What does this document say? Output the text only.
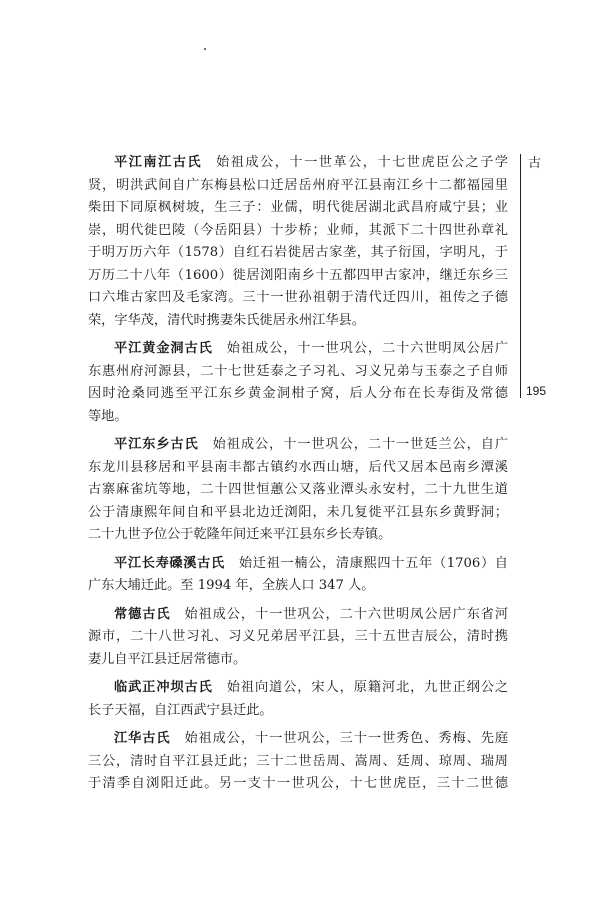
平江南江古氏 始祖成公，十一世革公，十七世虎臣公之子学
贤，明洪武间自广东梅县松口迁居岳州府平江县南江乡十二都福园里
柴田下同原枫树坡，生三子：业儒，明代徙居湖北武昌府咸宁县；业
崇，明代徙巴陵（今岳阳县）十步桥；业师，其派下二十四世孙章礼
于明万历六年（1578）自红石岩徙居古家垄，其子衍国，字明凡，于
万历二十八年（1600）徙居浏阳南乡十五都四甲古家冲，继迁东乡三
口六堆古家凹及毛家湾。三十一世孙祖朝于清代迁四川，祖传之子德
荣，字华茂，清代时携妻朱氏徙居永州江华县。
平江黄金洞古氏 始祖成公，十一世巩公，二十六世明凤公居广
东惠州府河源县，二十七世廷泰之子习礼、习义兄弟与玉泰之子自师
因时沧桑同逃至平江东乡黄金洞柑子窝，后人分布在长寿街及常德
等地。
平江东乡古氏 始祖成公，十一世巩公，二十一世廷兰公，自广
东龙川县移居和平县南丰都古镇约水西山塘，后代又居本邑南乡潭溪
古寨麻雀坑等地，二十四世恒蕙公又落业潭头永安村，二十九世生道
公于清康熙年间自和平县北边迁浏阳，未几复徙平江县东乡黄野洞；
二十九世予位公于乾隆年间迁来平江县东乡长寿镇。
平江长寿磉溪古氏 始迁祖一楠公，清康熙四十五年（1706）自
广东大埔迁此。至 1994 年，全族人口 347 人。
常德古氏 始祖成公，十一世巩公，二十六世明凤公居广东省河
源市，二十八世习礼、习义兄弟居平江县，三十五世吉辰公，清时携
妻儿自平江县迁居常德市。
临武正冲坝古氏 始祖向道公，宋人，原籍河北，九世正纲公之
长子天福，自江西武宁县迁此。
江华古氏 始祖成公，十一世巩公，三十一世秀色、秀梅、先庭
三公，清时自平江县迁此；三十二世岳周、嵩周、廷周、琼周、瑞周
于清季自浏阳迁此。另一支十一世巩公，十七世虎臣，三十二世德
古
195
